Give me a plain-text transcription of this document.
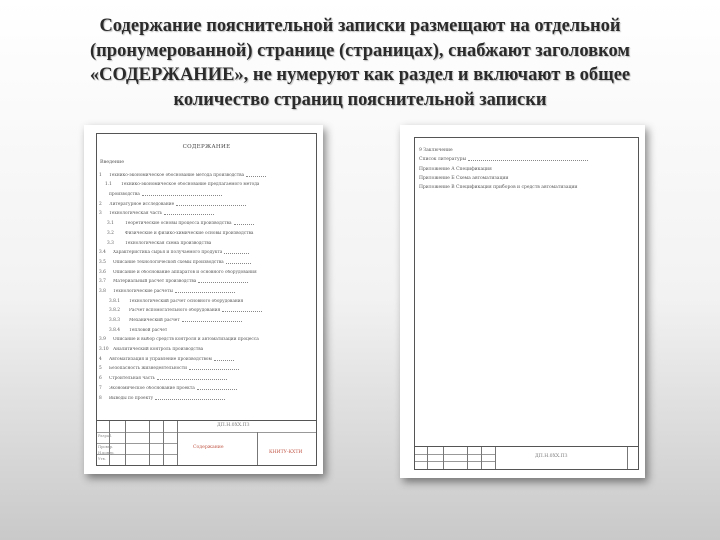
Содержание пояснительной записки размещают на отдельной
(пронумерованной) странице (страницах), снабжают заголовком
«СОДЕРЖАНИЕ», не нумеруют как раздел и включают в общее
количество страниц пояснительной записки
СОДЕРЖАНИЕ
Введение
1	Технико-экономическое обоснование метода производства
1.1	Технико-экономическое обоснование предлагаемого метода
производства
2	Литературное исследование
3	Технологическая часть
3.1	Теоретические основы процесса производства
3.2	Физические и физико-химические основы производства
3.3	Технологическая схема производства
3.4	Характеристика сырья и получаемого продукта
3.5	Описание технологической схемы производства
3.6	Описание и обоснование аппаратов и основного оборудования
3.7	Материальный расчет производства
3.8	Технологические расчеты
3.8.1	Технологический расчет основного оборудования
3.8.2	Расчет вспомогательного оборудования
3.8.3	Механический расчет
3.8.4	Тепловой расчет
3.9	Описание и выбор средств контроля и автоматизации процесса
3.10	Аналитический контроль производства
4	Автоматизация и управление производством
5	Безопасность жизнедеятельности
6	Строительная часть
7	Экономическое обоснование проекта
8	Выводы по проекту
ДП.Н.0ХХ.ПЗ
Содержание
КНИТУ-КХТИ
Разраб.
Провер.
Н.контр.
Утв.
9 Заключение
Список литературы
Приложение А Спецификация
Приложение Б Схема автоматизации
Приложение В Спецификация приборов и средств автоматизации
ДП.Н.0ХХ.ПЗ
